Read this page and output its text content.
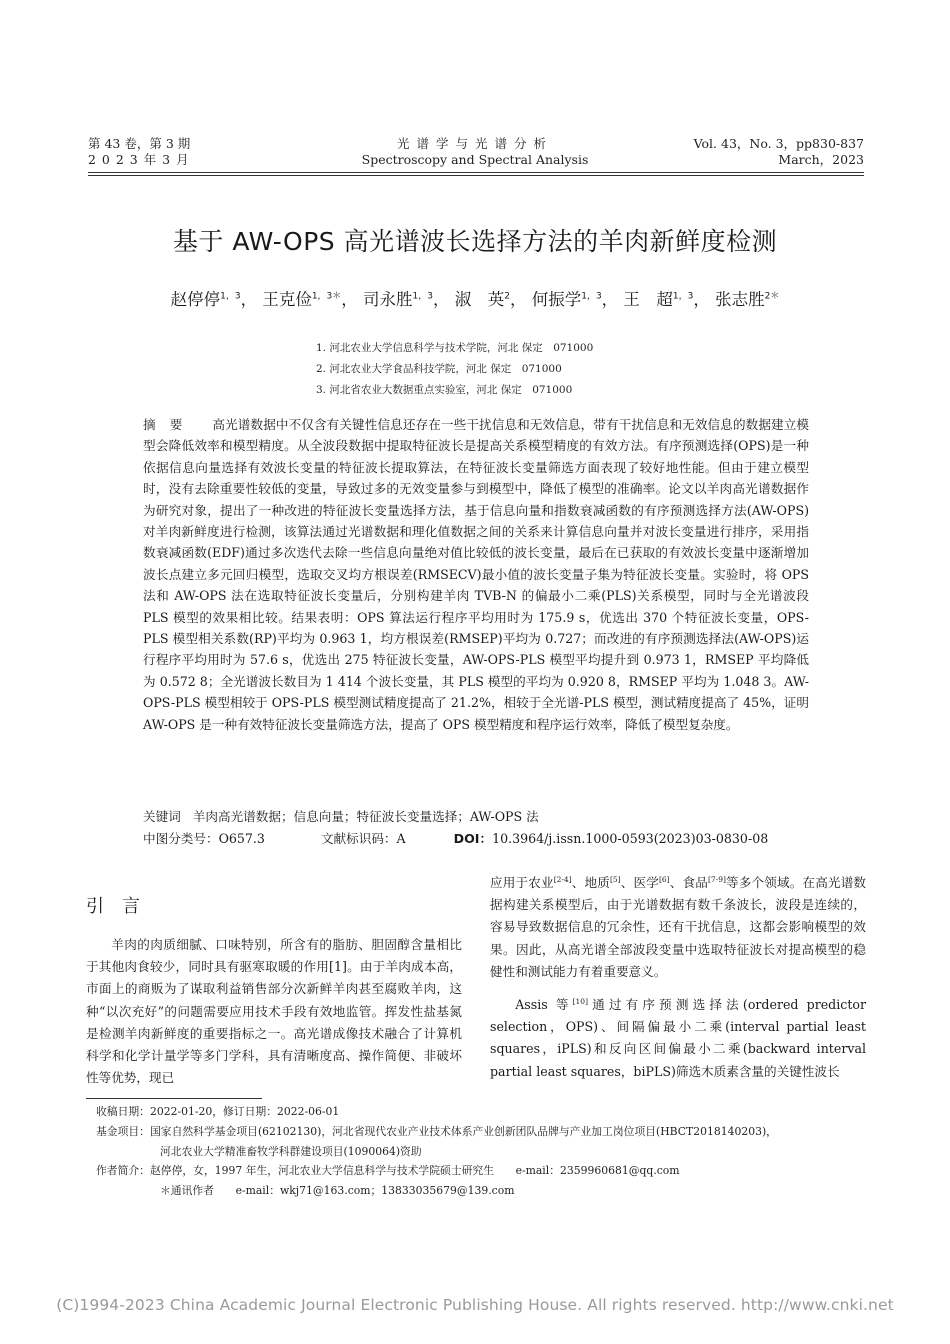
第 43 卷，第 3 期
2 0 2 3 年 3 月
光谱学与光谱分析
Spectroscopy and Spectral Analysis
Vol. 43，No. 3，pp830-837
March，2023
基于 AW-OPS 高光谱波长选择方法的羊肉新鲜度检测
赵停停$^{1,3}$， 王克俭$^{1,3*}$， 司永胜$^{1,3}$， 淑　英$^2$， 何振学$^{1,3}$， 王　超$^{1,3}$， 张志胜$^{2*}$
1. 河北农业大学信息科学与技术学院，河北 保定　071000
2. 河北农业大学食品科技学院，河北 保定　071000
3. 河北省农业大数据重点实验室，河北 保定　071000
摘要 高光谱数据中不仅含有关键性信息还存在一些干扰信息和无效信息，带有干扰信息和无效信息的数据建立模型会降低效率和模型精度。从全波段数据中提取特征波长是提高关系模型精度的有效方法。有序预测选择(OPS)是一种依据信息向量选择有效波长变量的特征波长提取算法，在特征波长变量筛选方面表现了较好地性能。但由于建立模型时，没有去除重要性较低的变量，导致过多的无效变量参与到模型中，降低了模型的准确率。论文以羊肉高光谱数据作为研究对象，提出了一种改进的特征波长变量选择方法，基于信息向量和指数衰减函数的有序预测选择方法(AW-OPS)对羊肉新鲜度进行检测，该算法通过光谱数据和理化值数据之间的关系来计算信息向量并对波长变量进行排序，采用指数衰减函数(EDF)通过多次迭代去除一些信息向量绝对值比较低的波长变量，最后在已获取的有效波长变量中逐渐增加波长点建立多元回归模型，选取交叉均方根误差(RMSECV)最小值的波长变量子集为特征波长变量。实验时，将 OPS 法和 AW-OPS 法在选取特征波长变量后，分别构建羊肉 TVB-N 的偏最小二乘(PLS)关系模型，同时与全光谱波段 PLS 模型的效果相比较。结果表明：OPS 算法运行程序平均用时为 175.9 s，优选出 370 个特征波长变量，OPS-PLS 模型相关系数(RP)平均为 0.963 1，均方根误差(RMSEP)平均为 0.727；而改进的有序预测选择法(AW-OPS)运行程序平均用时为 57.6 s，优选出 275 特征波长变量，AW-OPS-PLS 模型平均提升到 0.973 1，RMSEP 平均降低为 0.572 8；全光谱波长数目为 1 414 个波长变量，其 PLS 模型的平均为 0.920 8，RMSEP 平均为 1.048 3。AW-OPS-PLS 模型相较于 OPS-PLS 模型测试精度提高了 21.2%，相较于全光谱-PLS 模型，测试精度提高了 45%，证明 AW-OPS 是一种有效特征波长变量筛选方法，提高了 OPS 模型精度和程序运行效率，降低了模型复杂度。
关键词 羊肉高光谱数据；信息向量；特征波长变量选择；AW-OPS 法
中图分类号：O657.3	文献标识码：A	DOI：10.3964/j.issn.1000-0593(2023)03-0830-08
引言
羊肉的肉质细腻、口味特别，所含有的脂肪、胆固醇含量相比于其他肉食较少，同时具有驱寒取暖的作用[1]。由于羊肉成本高，市面上的商贩为了谋取利益销售部分次新鲜羊肉甚至腐败羊肉，这种“以次充好”的问题需要应用技术手段有效地监管。挥发性盐基氮是检测羊肉新鲜度的重要指标之一。高光谱成像技术融合了计算机科学和化学计量学等多门学科，具有清晰度高、操作简便、非破坏性等优势，现已
应用于农业[2-4]、地质[5]、医学[6]、食品[7-9]等多个领域。在高光谱数据构建关系模型后，由于光谱数据有数千条波长，波段是连续的，容易导致数据信息的冗余性，还有干扰信息，这都会影响模型的效果。因此，从高光谱全部波段变量中选取特征波长对提高模型的稳健性和测试能力有着重要意义。
Assis 等[10]通过有序预测选择法(ordered predictor selection，OPS)、间隔偏最小二乘(interval partial least squares，iPLS)和反向区间偏最小二乘(backward interval partial least squares，biPLS)筛选木质素含量的关键性波长
收稿日期：2022-01-20，修订日期：2022-06-01
基金项目：国家自然科学基金项目(62102130)，河北省现代农业产业技术体系产业创新团队品牌与产业加工岗位项目(HBCT2018140203)，
河北农业大学精准畜牧学科群建设项目(1090064)资助
作者简介：赵停停，女，1997 年生，河北农业大学信息科学与技术学院硕士研究生　　e-mail：2359960681@qq.com
＊通讯作者　　e-mail：wkj71@163.com；13833035679@139.com
(C)1994-2023 China Academic Journal Electronic Publishing House. All rights reserved. http://www.cnki.net
